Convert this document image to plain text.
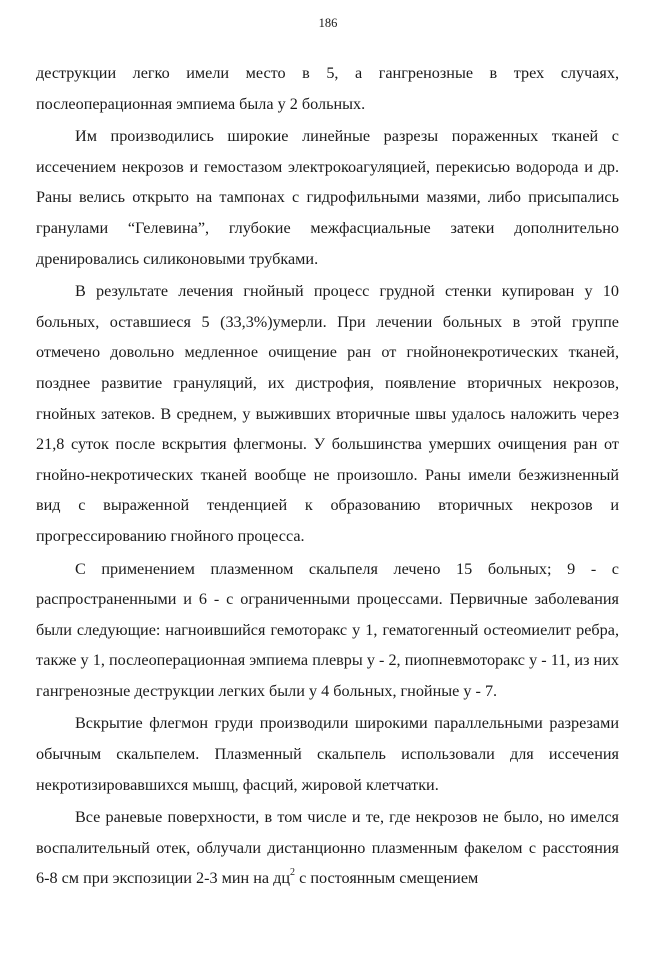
186

деструкции легко имели место в 5, а гангренозные в трех случаях, послеоперационная эмпиема была у 2 больных.

Им производились широкие линейные разрезы пораженных тканей с иссечением некрозов и гемостазом электрокоагуляцией, перекисью водорода и др. Раны велись открыто на тампонах с гидрофильными мазями, либо присыпались гранулами “Гелевина”, глубокие межфасциальные затеки дополнительно дренировались силиконовыми трубками.

В результате лечения гнойный процесс грудной стенки купирован у 10 больных, оставшиеся 5 (33,3%)умерли. При лечении больных в этой группе отмечено довольно медленное очищение ран от гнойнонекротических тканей, позднее развитие грануляций, их дистрофия, появление вторичных некрозов, гнойных затеков. В среднем, у выживших вторичные швы удалось наложить через 21,8 суток после вскрытия флегмоны. У большинства умерших очищения ран от гнойно-некротических тканей вообще не произошло. Раны имели безжизненный вид с выраженной тенденцией к образованию вторичных некрозов и прогрессированию гнойного процесса.

С применением плазменном скальпеля лечено 15 больных; 9 - с распространенными и 6 - с ограниченными процессами. Первичные заболевания были следующие: нагноившийся гемоторакс у 1, гематогенный остеомиелит ребра, также у 1, послеоперационная эмпиема плевры у - 2, пиопневмоторакс у - 11, из них гангренозные деструкции легких были у 4 больных, гнойные у - 7.

Вскрытие флегмон груди производили широкими параллельными разрезами обычным скальпелем. Плазменный скальпель использовали для иссечения некротизировавшихся мышц, фасций, жировой клетчатки.

Все раневые поверхности, в том числе и те, где некрозов не было, но имелся воспалительный отек, облучали дистанционно плазменным факелом с расстояния 6-8 см при экспозиции 2-3 мин на $дц^2$ с постоянным смещением
